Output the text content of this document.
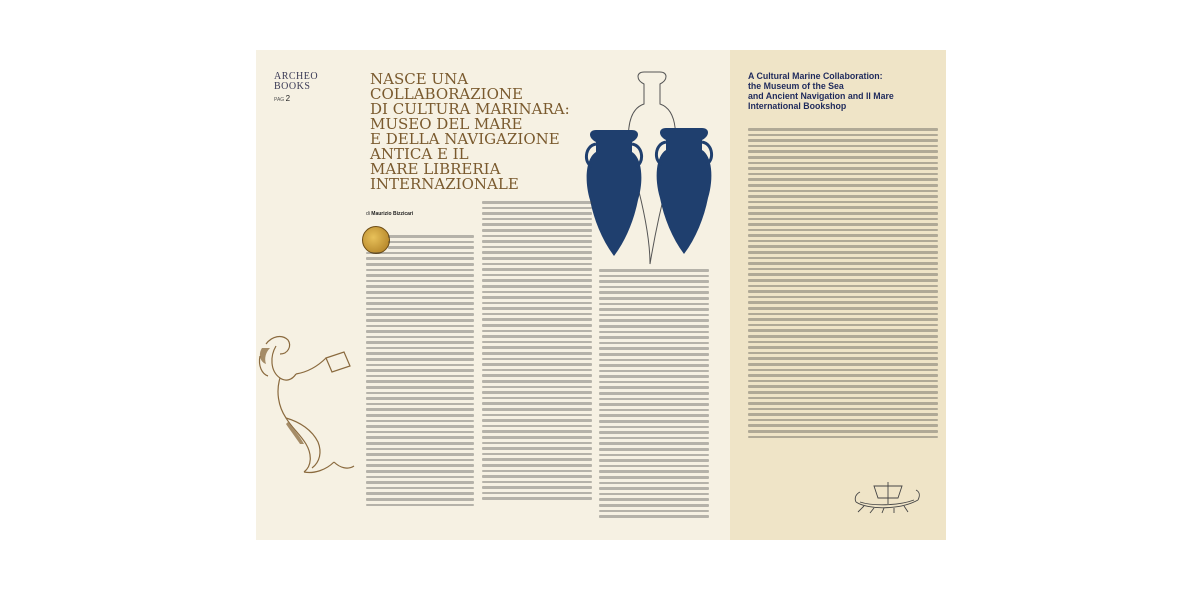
ARCHEO
BOOKS
PAG 2
NASCE UNA
COLLABORAZIONE
DI CULTURA MARINARA:
MUSEO DEL MARE
E DELLA NAVIGAZIONE
ANTICA E IL
MARE LIBRERIA
INTERNAZIONALE
di Maurizio Bizzicari
A Cultural Marine Collaboration:
the Museum of the Sea
and Ancient Navigation and Il Mare
International Bookshop
